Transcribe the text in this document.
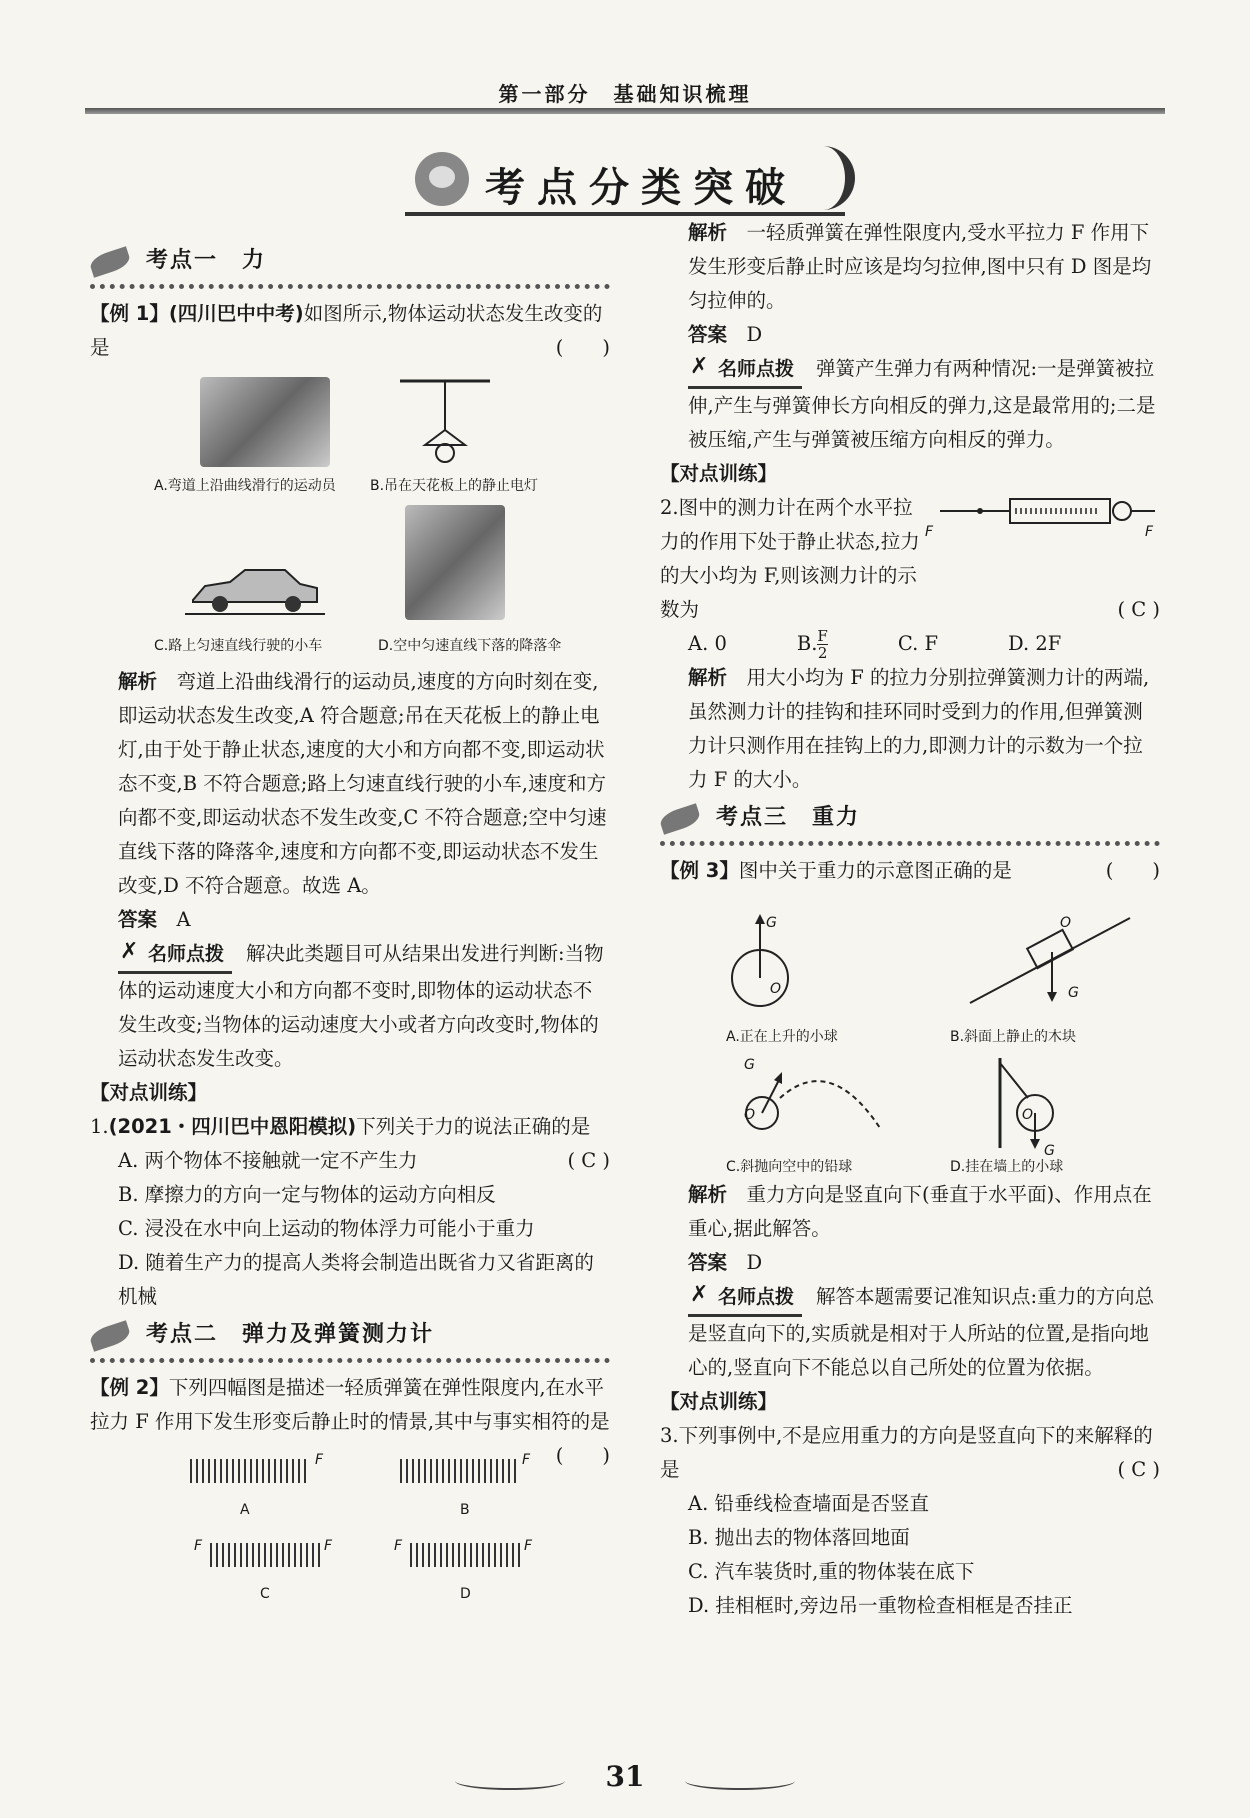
第一部分　基础知识梳理
考点分类突破
考点一　力

【例 1】(四川巴中中考)如图所示,物体运动状态发生改变的是	(　　)

A.弯道上沿曲线滑行的运动员 B.吊在天花板上的静止电灯
C.路上匀速直线行驶的小车	D.空中匀速直线下落的降落伞

解析　 弯道上沿曲线滑行的运动员,速度的方向时刻在变,即运动状态发生改变,A 符合题意;吊在天花板上的静止电灯,由于处于静止状态,速度的大小和方向都不变,即运动状态不变,B 不符合题意;路上匀速直线行驶的小车,速度和方向都不变,即运动状态不发生改变,C 不符合题意;空中匀速直线下落的降落伞,速度和方向都不变,即运动状态不发生改变,D 不符合题意。故选 A。

答案　 A

✗ 名师点拨 解决此类题目可从结果出发进行判断:当物体的运动速度大小和方向都不变时,即物体的运动状态不发生改变;当物体的运动速度大小或者方向改变时,物体的运动状态发生改变。

【对点训练】

1.(2021・四川巴中恩阳模拟)下列关于力的说法正确的是
( C )

A. 两个物体不接触就一定不产生力

B. 摩擦力的方向一定与物体的运动方向相反

C. 浸没在水中向上运动的物体浮力可能小于重力

D. 随着生产力的提高人类将会制造出既省力又省距离的机械

考点二　弹力及弹簧测力计

【例 2】下列四幅图是描述一轻质弹簧在弹性限度内,在水平拉力 F 作用下发生形变后静止时的情景,其中与事实相符的是
(　　)

F
A
F
B
F	F
C
F	F
D

解析　 一轻质弹簧在弹性限度内,受水平拉力 F 作用下发生形变后静止时应该是均匀拉伸,图中只有 D 图是均匀拉伸的。

答案　 D

✗ 名师点拨 弹簧产生弹力有两种情况:一是弹簧被拉伸,产生与弹簧伸长方向相反的弹力,这是最常用的;二是被压缩,产生与弹簧被压缩方向相反的弹力。

【对点训练】

F	F

2.图中的测力计在两个水平拉力的作用下处于静止状态,拉力的大小均为 F,则该测力计的示数为	( C )

A. 0	B. $\frac{F}{2}$	C. F	D. 2F

解析　 用大小均为 F 的拉力分别拉弹簧测力计的两端,虽然测力计的挂钩和挂环同时受到力的作用,但弹簧测力计只测作用在挂钩上的力,即测力计的示数为一个拉力 F 的大小。

考点三　重力

【例 3】图中关于重力的示意图正确的是	(　　)

G
O
A.正在上升的小球
O
G
B.斜面上静止的木块
G
O
C.斜抛向空中的铅球
O
G
D.挂在墙上的小球

解析　 重力方向是竖直向下(垂直于水平面)、作用点在重心,据此解答。

答案　 D

✗ 名师点拨 解答本题需要记准知识点:重力的方向总是竖直向下的,实质就是相对于人所站的位置,是指向地心的,竖直向下不能总以自己所处的位置为依据。

【对点训练】

3.下列事例中,不是应用重力的方向是竖直向下的来解释的是	( C )

A. 铅垂线检查墙面是否竖直

B. 抛出去的物体落回地面

C. 汽车装货时,重的物体装在底下

D. 挂相框时,旁边吊一重物检查相框是否挂正

31
